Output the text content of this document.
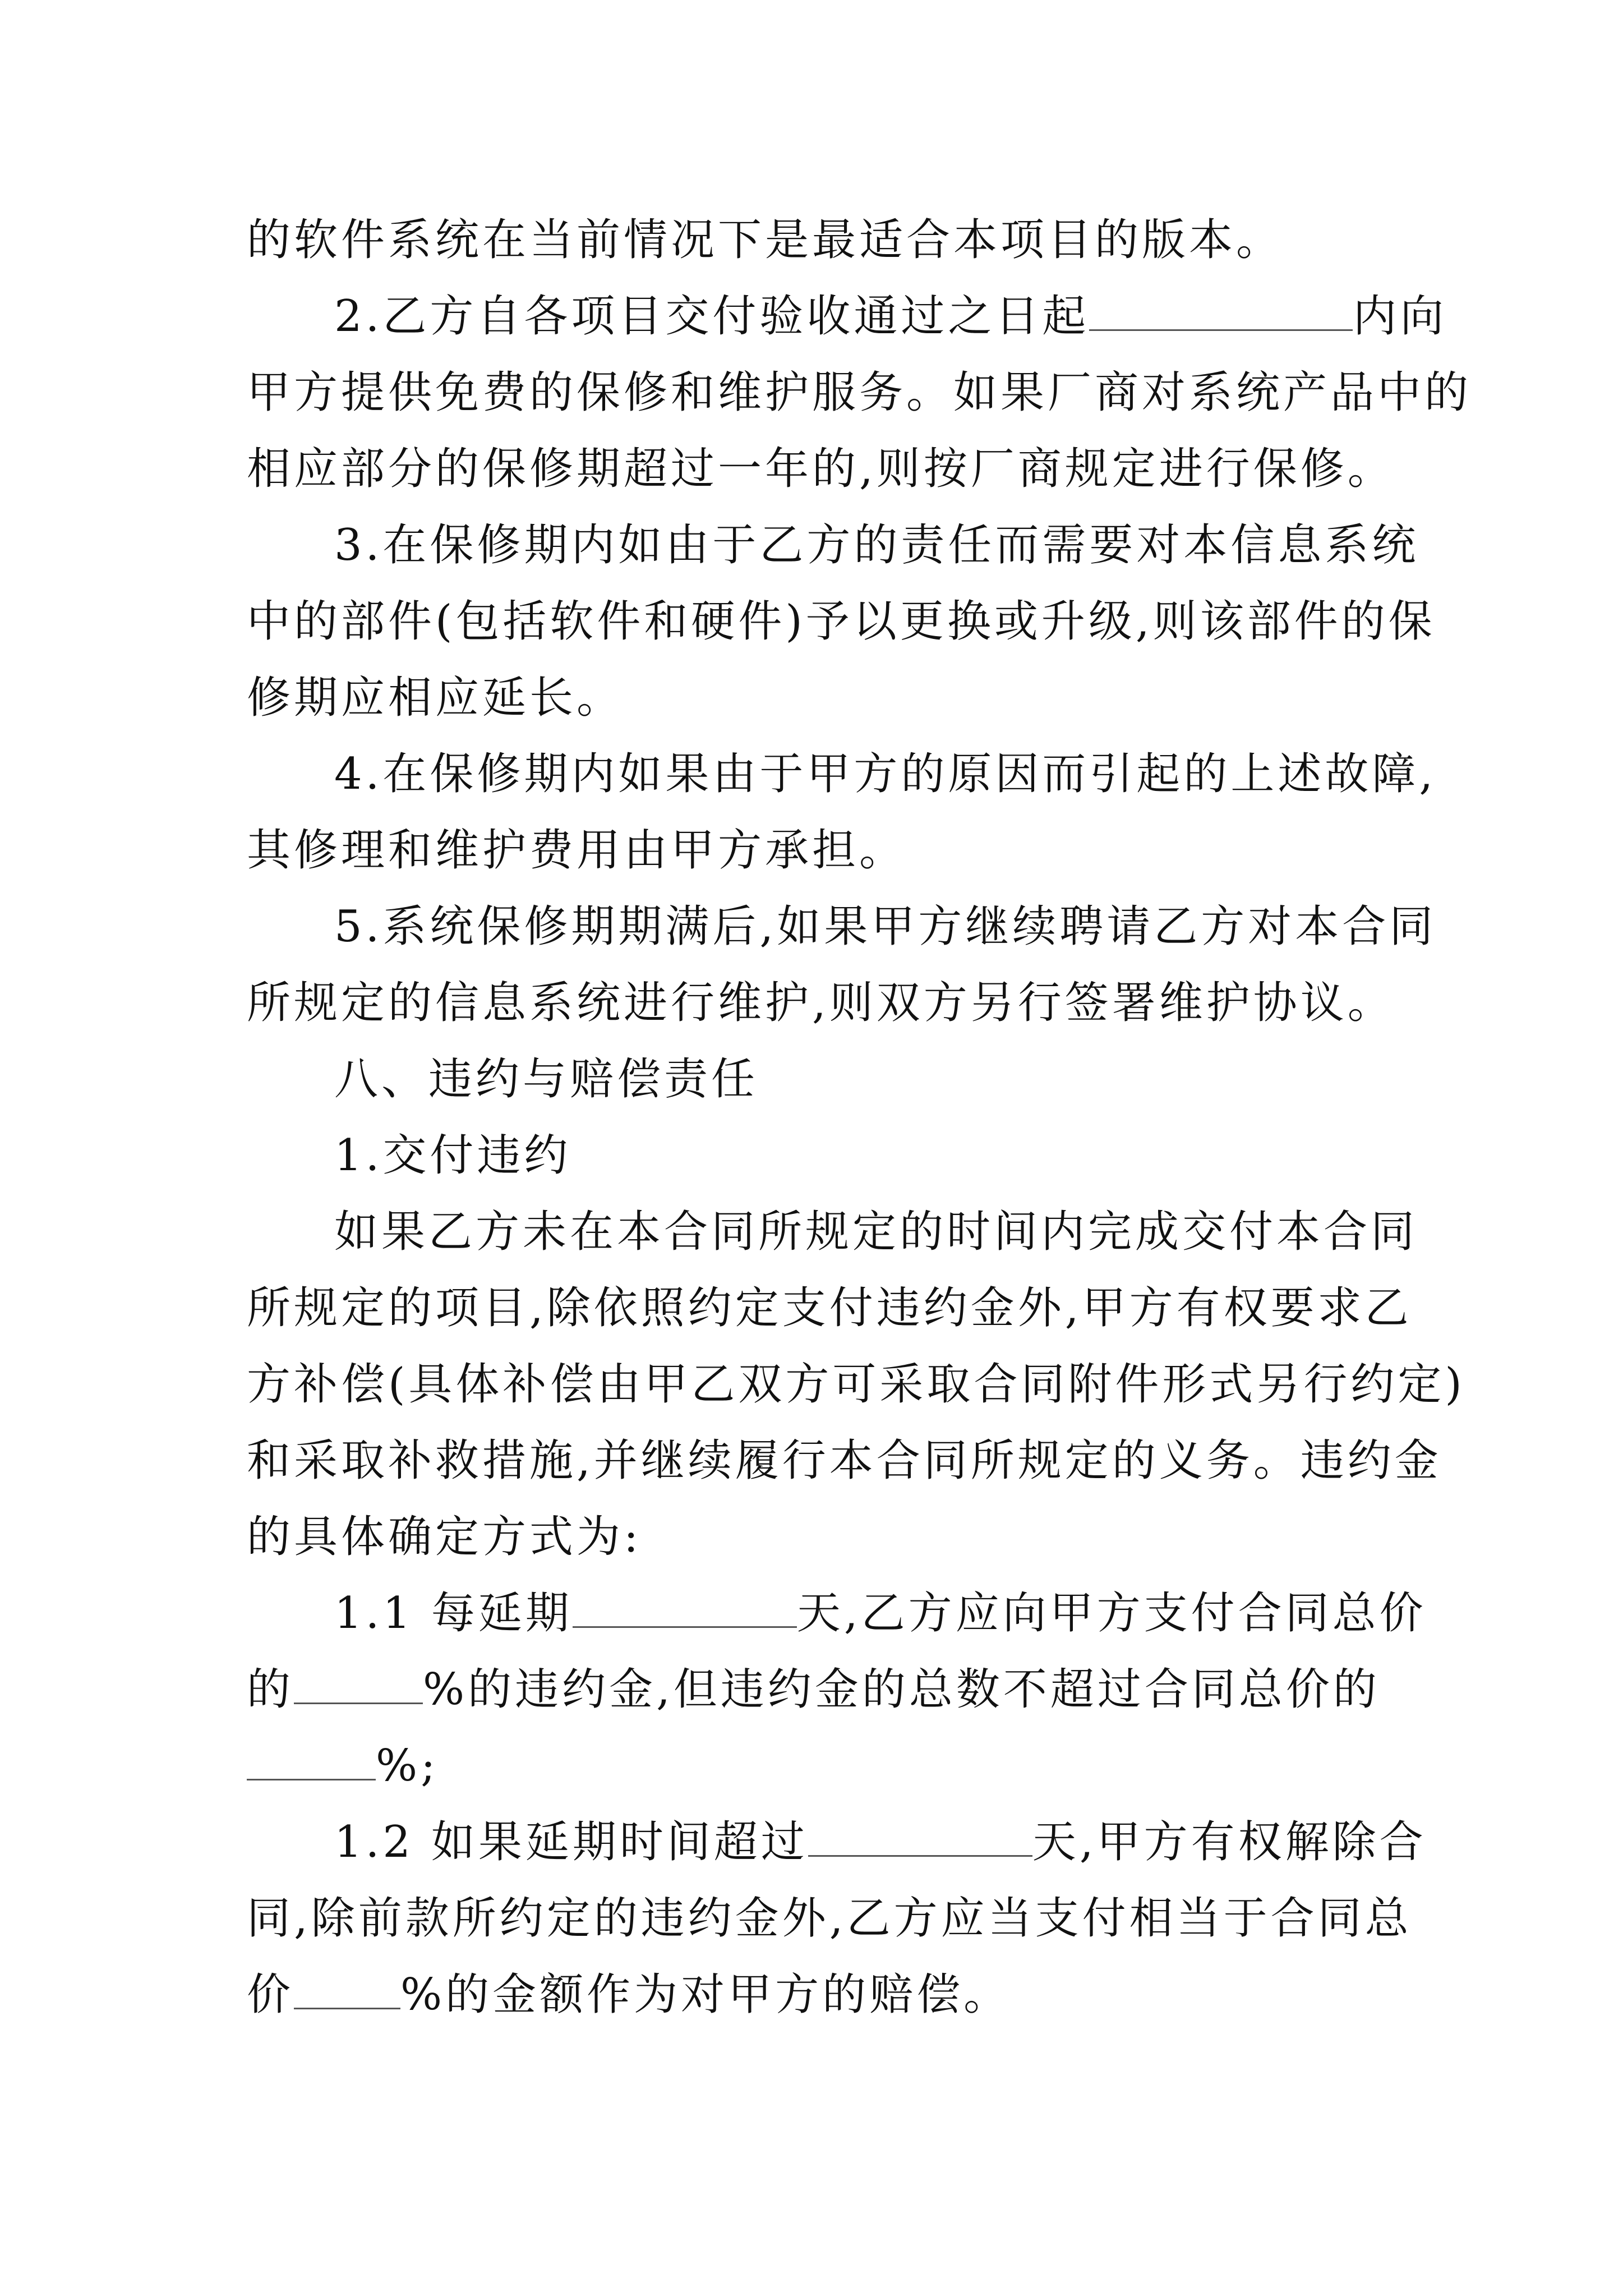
的软件系统在当前情况下是最适合本项目的版本。
2.乙方自各项目交付验收通过之日起	内向
甲方提供免费的保修和维护服务。如果厂商对系统产品中的
相应部分的保修期超过一年的,则按厂商规定进行保修。
3.在保修期内如由于乙方的责任而需要对本信息系统
中的部件(包括软件和硬件)予以更换或升级,则该部件的保
修期应相应延长。
4.在保修期内如果由于甲方的原因而引起的上述故障,
其修理和维护费用由甲方承担。
5.系统保修期期满后,如果甲方继续聘请乙方对本合同
所规定的信息系统进行维护,则双方另行签署维护协议。
八、违约与赔偿责任
1.交付违约
如果乙方未在本合同所规定的时间内完成交付本合同
所规定的项目,除依照约定支付违约金外,甲方有权要求乙
方补偿(具体补偿由甲乙双方可采取合同附件形式另行约定)
和采取补救措施,并继续履行本合同所规定的义务。违约金
的具体确定方式为:
1.1 每延期	天,乙方应向甲方支付合同总价
的	%的违约金,但违约金的总数不超过合同总价的
%;
1.2 如果延期时间超过	天,甲方有权解除合
同,除前款所约定的违约金外,乙方应当支付相当于合同总
价 %的金额作为对甲方的赔偿。
